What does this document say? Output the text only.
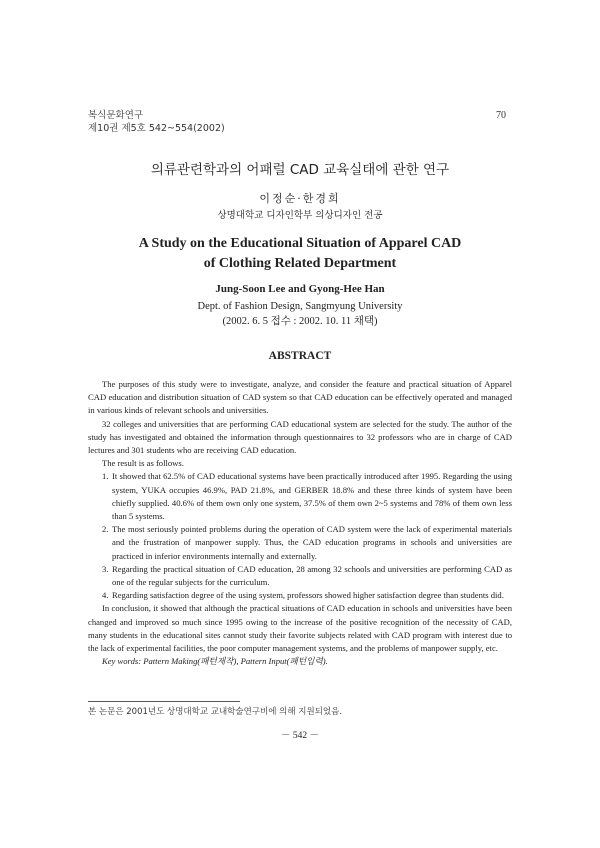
복식문화연구
제10권 제5호 542~554(2002)
70
의류관련학과의 어패럴 CAD 교육실태에 관한 연구
이정순·한경희
상명대학교 디자인학부 의상디자인 전공
A Study on the Educational Situation of Apparel CAD
of Clothing Related Department
Jung-Soon Lee and Gyong-Hee Han
Dept. of Fashion Design, Sangmyung University
(2002. 6. 5 접수 : 2002. 10. 11 채택)
ABSTRACT

The purposes of this study were to investigate, analyze, and consider the feature and practical situation of Apparel CAD education and distribution situation of CAD system so that CAD education can be effectively operated and managed in various kinds of relevant schools and universities.

32 colleges and universities that are performing CAD educational system are selected for the study. The author of the study has investigated and obtained the information through questionnaires to 32 professors who are in charge of CAD lectures and 301 students who are receiving CAD education.

The result is as follows.

1. It showed that 62.5% of CAD educational systems have been practically introduced after 1995. Regarding the using system, YUKA occupies 46.9%, PAD 21.8%, and GERBER 18.8% and these three kinds of system have been chiefly supplied. 40.6% of them own only one system, 37.5% of them own 2~5 systems and 78% of them own less than 5 systems.
2. The most seriously pointed problems during the operation of CAD system were the lack of experimental materials and the frustration of manpower supply. Thus, the CAD education programs in schools and universities are practiced in inferior environments internally and externally.
3. Regarding the practical situation of CAD education, 28 among 32 schools and universities are performing CAD as one of the regular subjects for the curriculum.
4. Regarding satisfaction degree of the using system, professors showed higher satisfaction degree than students did.

In conclusion, it showed that although the practical situations of CAD education in schools and universities have been changed and improved so much since 1995 owing to the increase of the positive recognition of the necessity of CAD, many students in the educational sites cannot study their favorite subjects related with CAD program with interest due to the lack of experimental facilities, the poor computer management systems, and the problems of manpower supply, etc.

Key words: Pattern Making(패턴제작), Pattern Input(패턴입력).

본 논문은 2001년도 상명대학교 교내학술연구비에 의해 지원되었음.
－ 542 －
